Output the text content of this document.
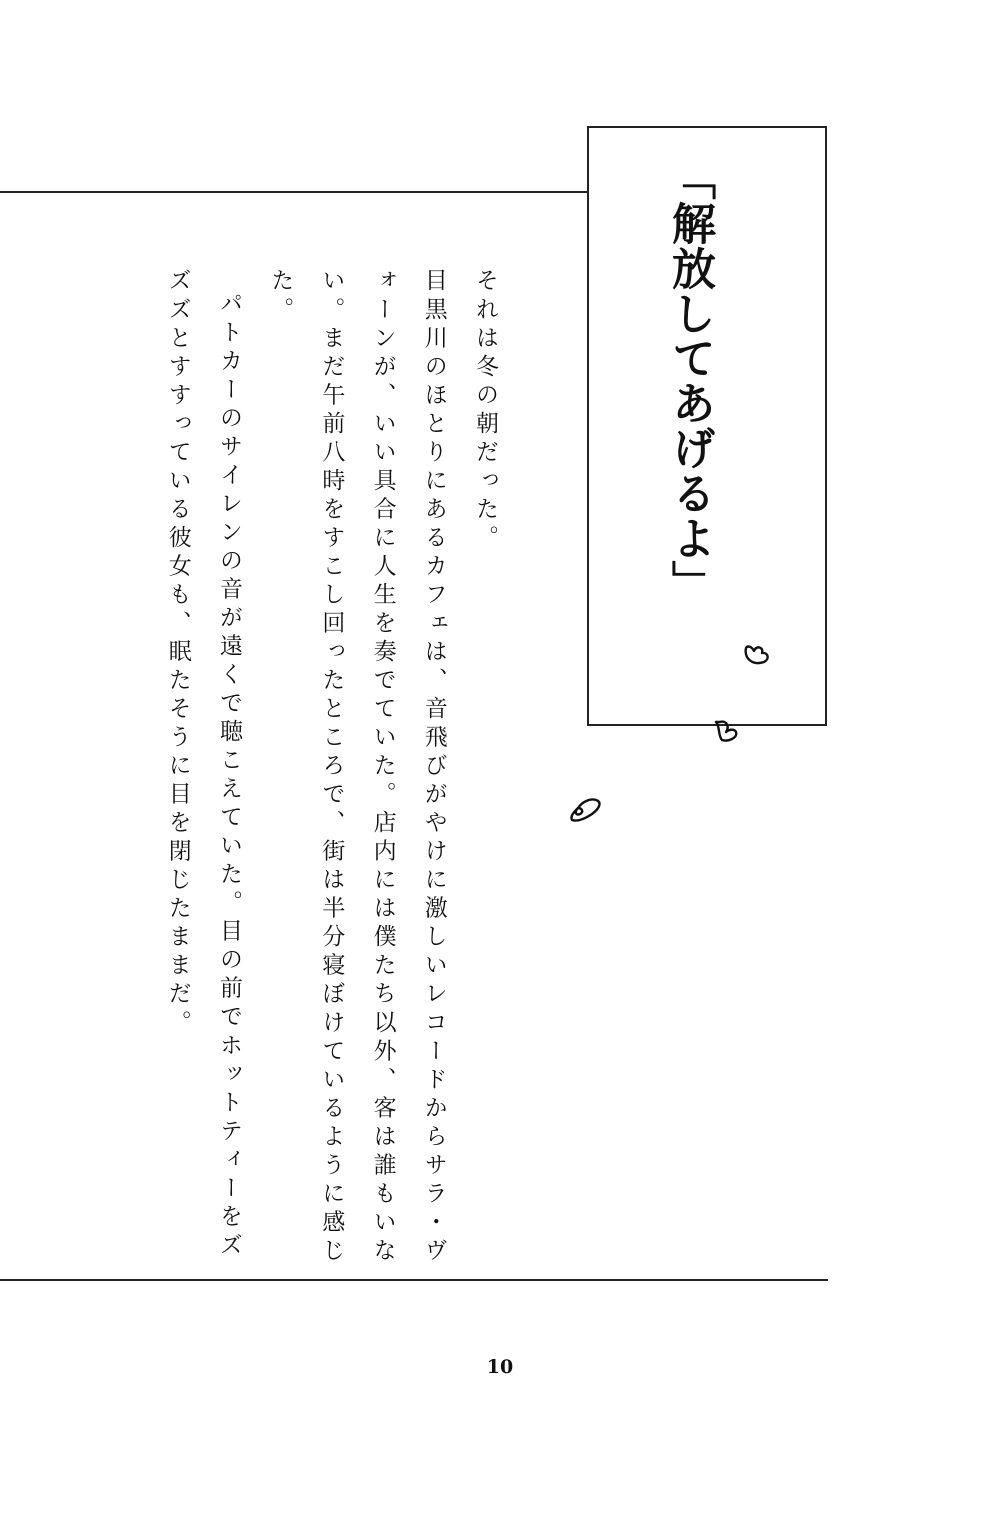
「解放してあげるよ」

それは冬の朝だった。

目黒川のほとりにあるカフェは、音飛びがやけに激しいレコードからサラ・ヴォーンが、いい具合に人生を奏でていた。店内には僕たち以外、客は誰もいない。まだ午前八時をすこし回ったところで、街は半分寝ぼけているように感じた。

パトカーのサイレンの音が遠くで聴こえていた。目の前でホットティーをズズズとすすっている彼女も、眠たそうに目を閉じたままだ。

10
